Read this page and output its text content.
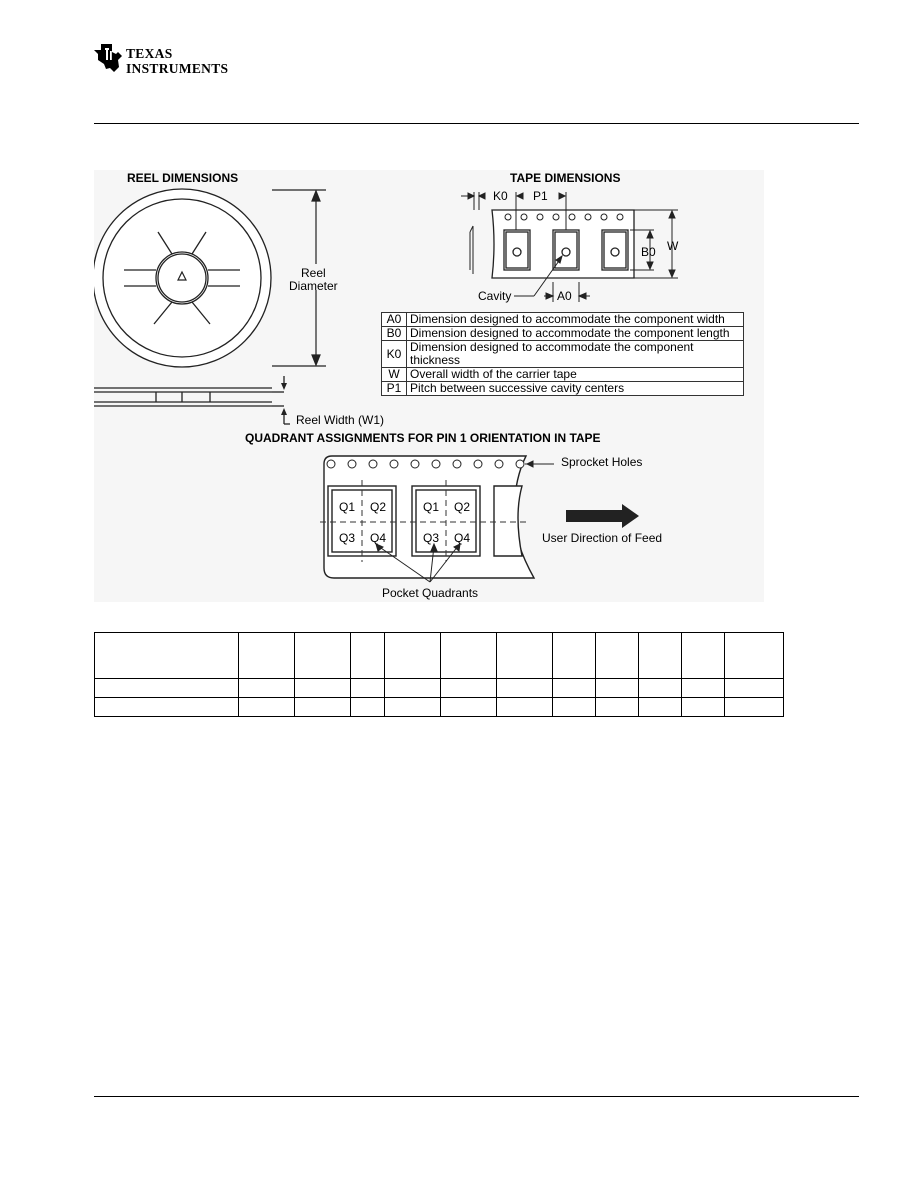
TEXAS
INSTRUMENTS
REEL DIMENSIONS	TAPE DIMENSIONS
Reel
Diameter
Reel Width (W1)
K0 P1
B0 W
A0
Cavity
A0	Dimension designed to accommodate the component width
B0	Dimension designed to accommodate the component length
K0	Dimension designed to accommodate the component thickness
W	Overall width of the carrier tape
P1	Pitch between successive cavity centers
QUADRANT ASSIGNMENTS FOR PIN 1 ORIENTATION IN TAPE
Sprocket Holes
User Direction of Feed
Pocket Quadrants
Q1 Q2
Q3 Q4
Q1 Q2
Q3 Q4
